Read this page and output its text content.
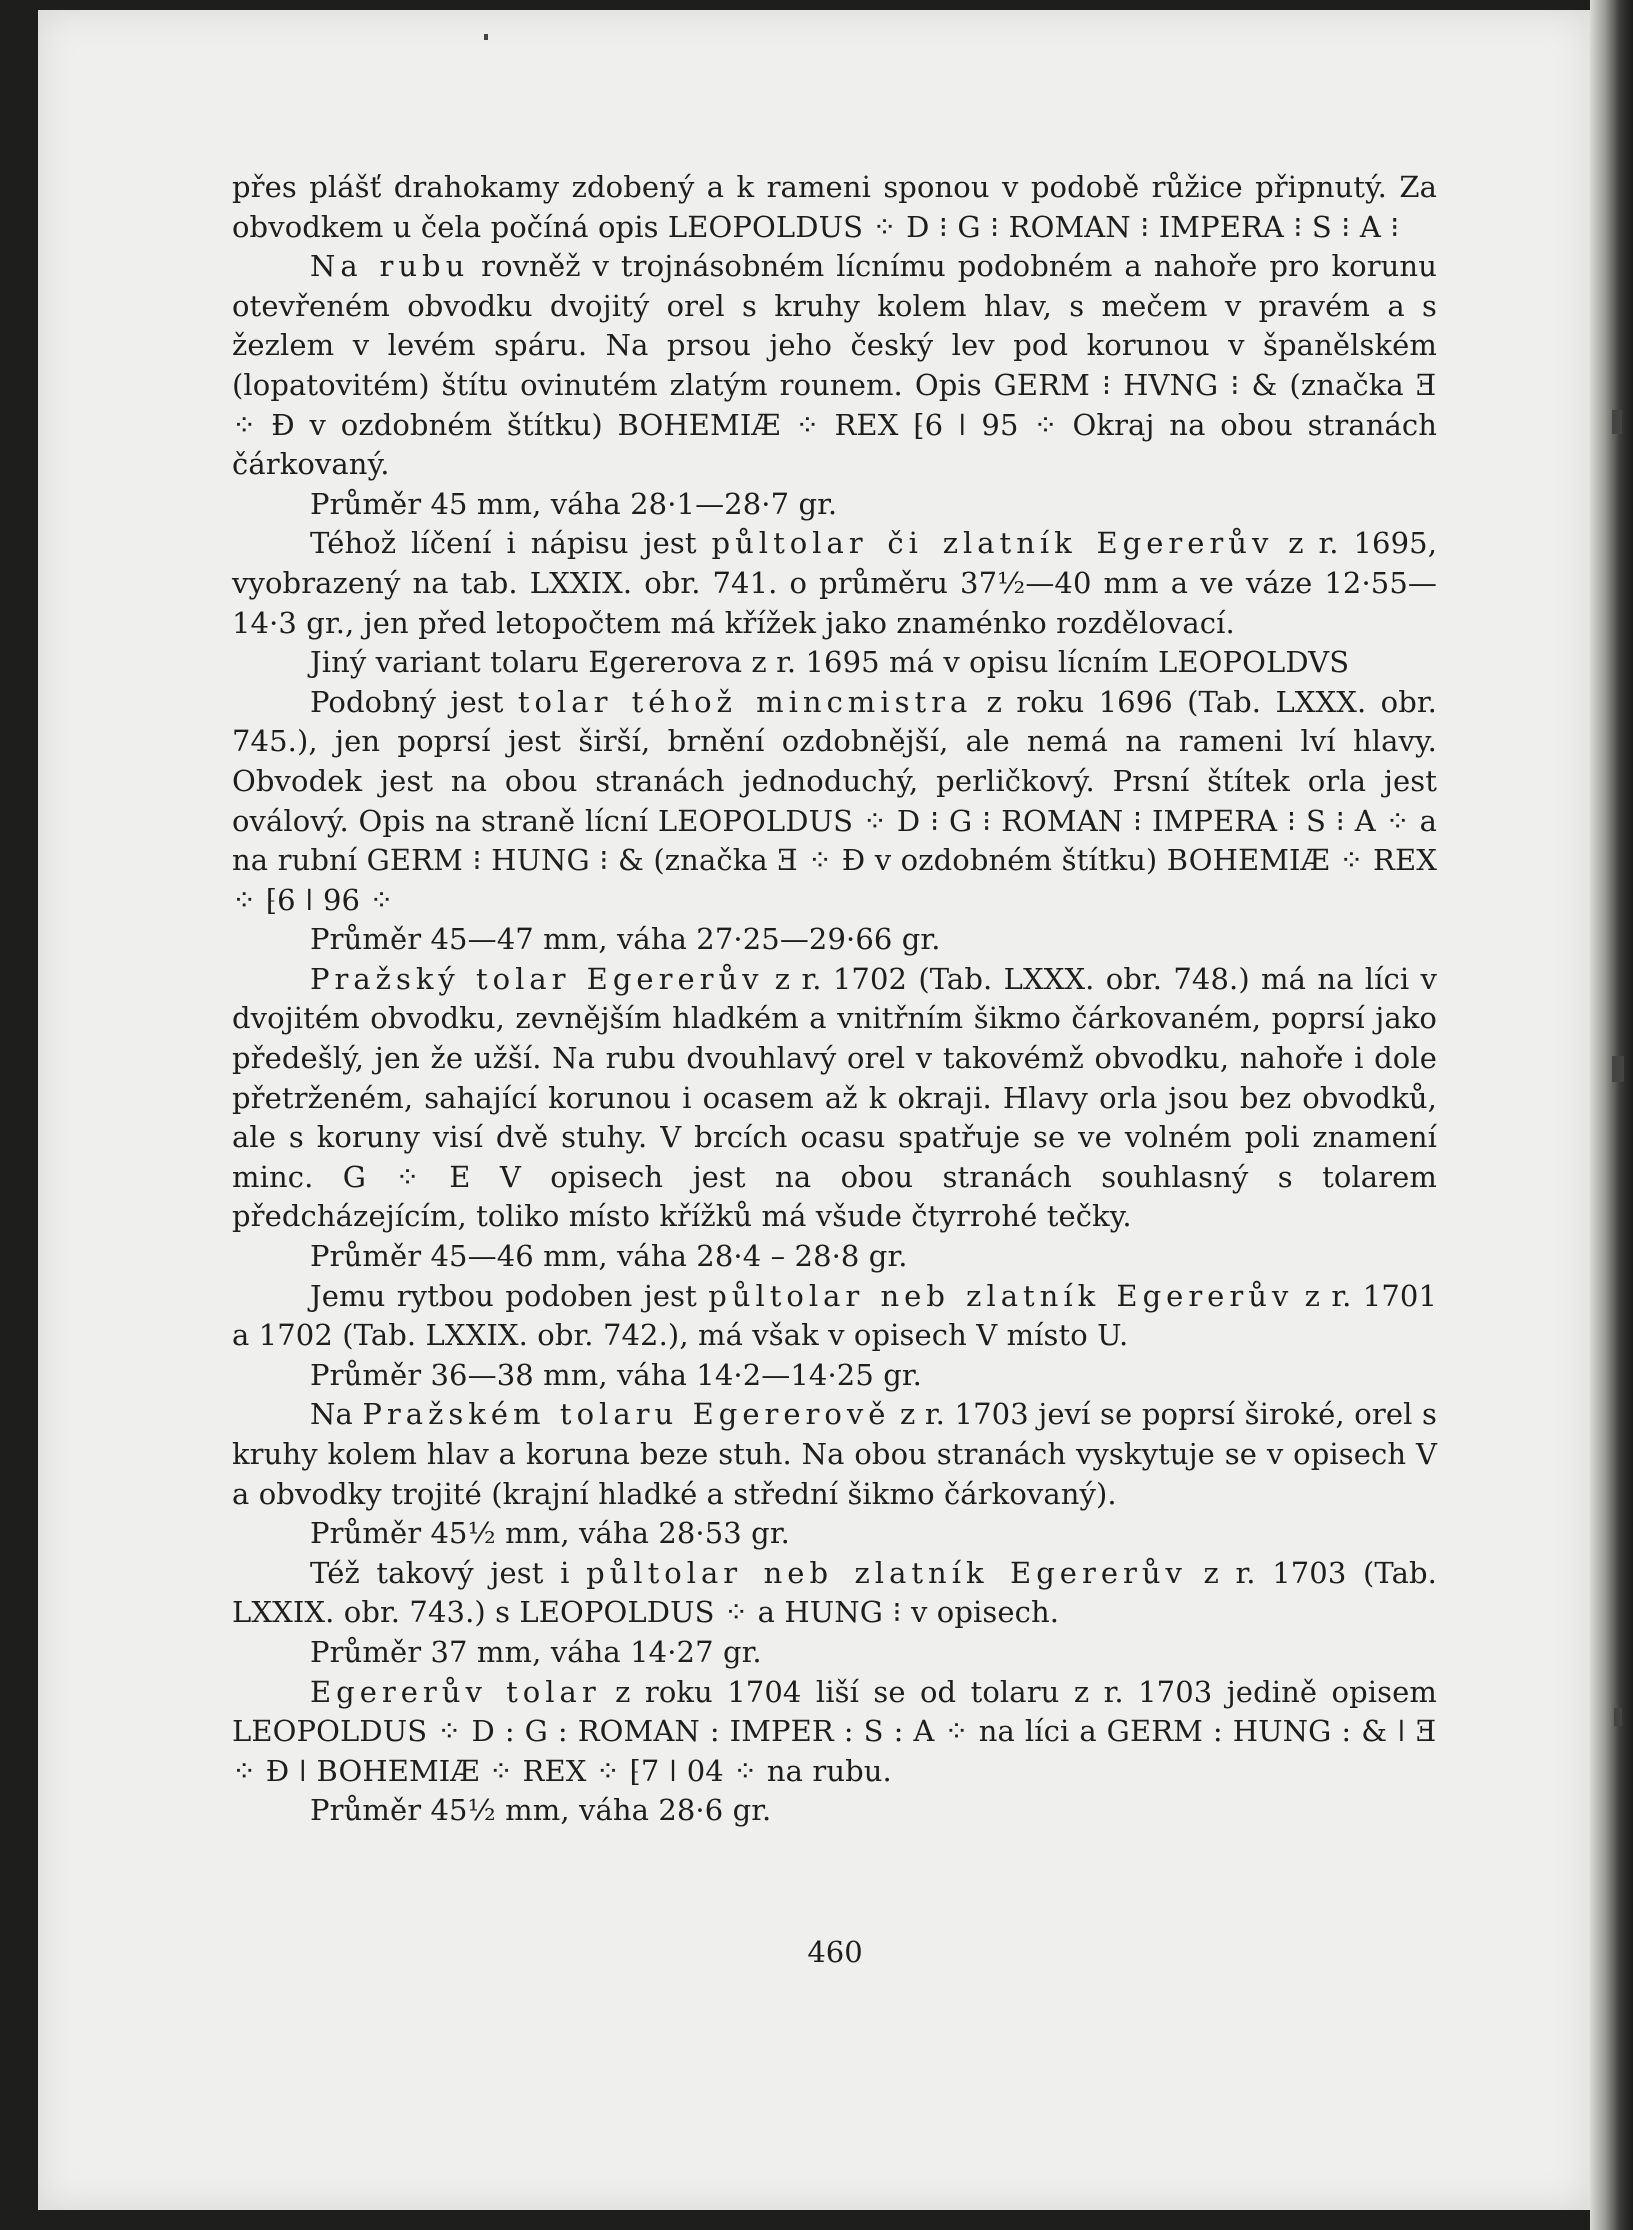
přes plášť drahokamy zdobený a k rameni sponou v podobě růžice připnutý. Za obvodkem u čela počíná opis LEOPOLDUS ⁘ D ⁝ G ⁝ ROMAN ⁝ IMPERA ⁝ S ⁝ A ⁝

Na rubu rovněž v trojnásobném lícnímu podobném a nahoře pro korunu otevřeném obvodku dvojitý orel s kruhy kolem hlav, s mečem v pravém a s žezlem v levém spáru. Na prsou jeho český lev pod korunou v španělském (lopatovitém) štítu ovinutém zlatým rounem. Opis GERM ⁝ HVNG ⁝ & (značka Ǝ ⁘ Ɖ v ozdobném štítku) BOHEMIÆ ⁘ REX ⁅6 ǀ 95 ⁘ Okraj na obou stranách čárkovaný.

Průměr 45 mm, váha 28·1—28·7 gr.

Téhož líčení i nápisu jest půltolar či zlatník Egererův z r. 1695, vyobrazený na tab. LXXIX. obr. 741. o průměru 37½—40 mm a ve váze 12·55—14·3 gr., jen před letopočtem má křížek jako znaménko rozdělovací.

Jiný variant tolaru Egererova z r. 1695 má v opisu lícním LEOPOLDVS

Podobný jest tolar téhož mincmistra z roku 1696 (Tab. LXXX. obr. 745.), jen poprsí jest širší, brnění ozdobnější, ale nemá na rameni lví hlavy. Obvodek jest na obou stranách jednoduchý, perličkový. Prsní štítek orla jest oválový. Opis na straně lícní LEOPOLDUS ⁘ D ⁝ G ⁝ ROMAN ⁝ IMPERA ⁝ S ⁝ A ⁘ a na rubní GERM ⁝ HUNG ⁝ & (značka Ǝ ⁘ Ɖ v ozdobném štítku) BOHEMIÆ ⁘ REX ⁘ ⁅6 ǀ 96 ⁘

Průměr 45—47 mm, váha 27·25—29·66 gr.

Pražský tolar Egererův z r. 1702 (Tab. LXXX. obr. 748.) má na líci v dvojitém obvodku, zevnějším hladkém a vnitřním šikmo čárkovaném, poprsí jako předešlý, jen že užší. Na rubu dvouhlavý orel v takovémž obvodku, nahoře i dole přetrženém, sahající korunou i ocasem až k okraji. Hlavy orla jsou bez obvodků, ale s koruny visí dvě stuhy. V brcích ocasu spatřuje se ve volném poli znamení minc. G ⁘ E V opisech jest na obou stranách souhlasný s tolarem předcházejícím, toliko místo křížků má všude čtyrrohé tečky.

Průměr 45—46 mm, váha 28·4 – 28·8 gr.

Jemu rytbou podoben jest půltolar neb zlatník Egererův z r. 1701 a 1702 (Tab. LXXIX. obr. 742.), má však v opisech V místo U.

Průměr 36—38 mm, váha 14·2—14·25 gr.

Na Pražském tolaru Egererově z r. 1703 jeví se poprsí široké, orel s kruhy kolem hlav a koruna beze stuh. Na obou stranách vyskytuje se v opisech V a obvodky trojité (krajní hladké a střední šikmo čárkovaný).

Průměr 45½ mm, váha 28·53 gr.

Též takový jest i půltolar neb zlatník Egererův z r. 1703 (Tab. LXXIX. obr. 743.) s LEOPOLDUS ⁘ a HUNG ⁝ v opisech.

Průměr 37 mm, váha 14·27 gr.

Egererův tolar z roku 1704 liší se od tolaru z r. 1703 jedině opisem LEOPOLDUS ⁘ D : G : ROMAN : IMPER : S : A ⁘ na líci a GERM : HUNG : & ǀ Ǝ ⁘ Ɖ ǀ BOHEMIÆ ⁘ REX ⁘ ⁅7 ǀ 04 ⁘ na rubu.

Průměr 45½ mm, váha 28·6 gr.

460
